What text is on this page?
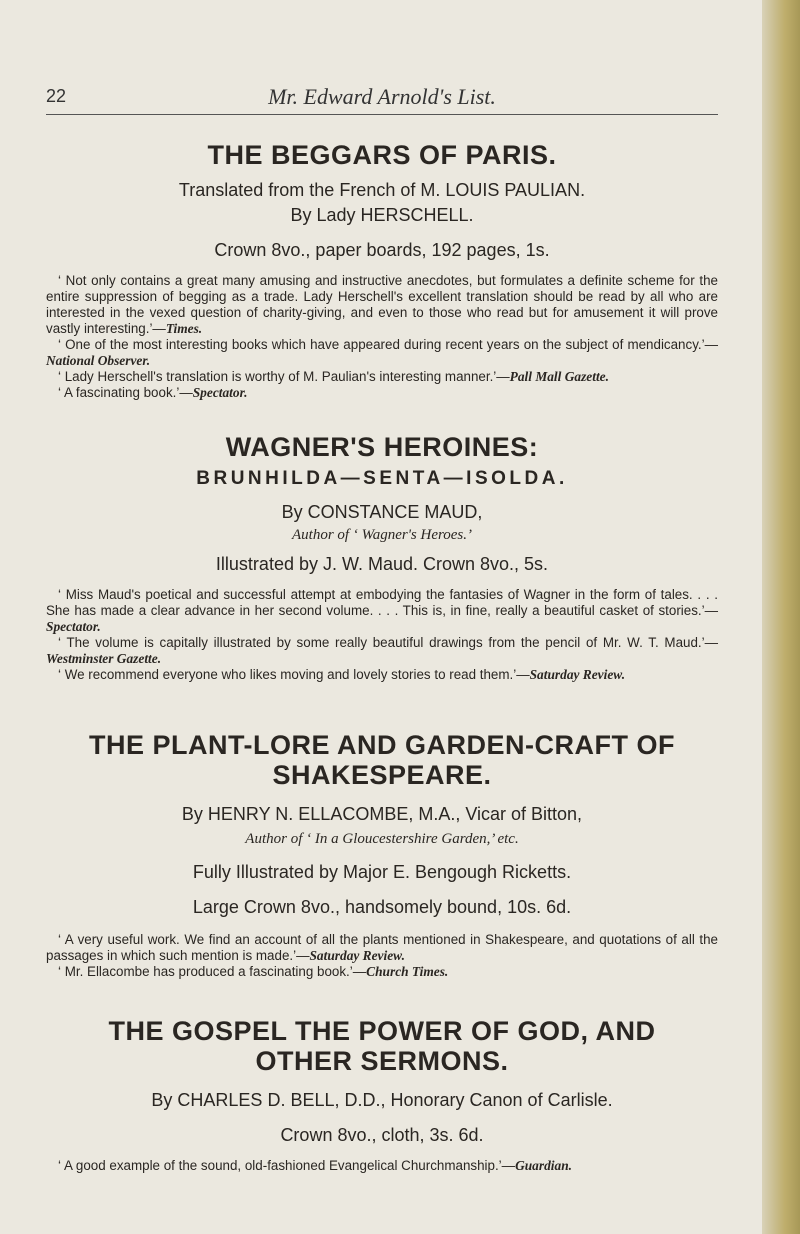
22	Mr. Edward Arnold's List.
THE BEGGARS OF PARIS.

Translated from the French of M. LOUIS PAULIAN.

By Lady HERSCHELL.

Crown 8vo., paper boards, 192 pages, 1s.

‘ Not only contains a great many amusing and instructive anecdotes, but formulates a definite scheme for the entire suppression of begging as a trade. Lady Herschell's excellent translation should be read by all who are interested in the vexed question of charity-giving, and even to those who read but for amusement it will prove vastly interesting.’—Times.

‘ One of the most interesting books which have appeared during recent years on the subject of mendicancy.’—National Observer.

‘ Lady Herschell's translation is worthy of M. Paulian's interesting manner.’—Pall Mall Gazette.

‘ A fascinating book.’—Spectator.

WAGNER'S HEROINES:

BRUNHILDA—SENTA—ISOLDA.

By CONSTANCE MAUD,

Author of ‘ Wagner's Heroes.’

Illustrated by J. W. Maud. Crown 8vo., 5s.

‘ Miss Maud's poetical and successful attempt at embodying the fantasies of Wagner in the form of tales. . . . She has made a clear advance in her second volume. . . . This is, in fine, really a beautiful casket of stories.’—Spectator.

‘ The volume is capitally illustrated by some really beautiful drawings from the pencil of Mr. W. T. Maud.’—Westminster Gazette.

‘ We recommend everyone who likes moving and lovely stories to read them.’—Saturday Review.

THE PLANT-LORE AND GARDEN-CRAFT OF SHAKESPEARE.

By HENRY N. ELLACOMBE, M.A., Vicar of Bitton,

Author of ‘ In a Gloucestershire Garden,’ etc.

Fully Illustrated by Major E. Bengough Ricketts.

Large Crown 8vo., handsomely bound, 10s. 6d.

‘ A very useful work. We find an account of all the plants mentioned in Shakespeare, and quotations of all the passages in which such mention is made.’—Saturday Review.

‘ Mr. Ellacombe has produced a fascinating book.’—Church Times.

THE GOSPEL THE POWER OF GOD, AND OTHER SERMONS.

By CHARLES D. BELL, D.D., Honorary Canon of Carlisle.

Crown 8vo., cloth, 3s. 6d.

‘ A good example of the sound, old-fashioned Evangelical Churchmanship.’—Guardian.
